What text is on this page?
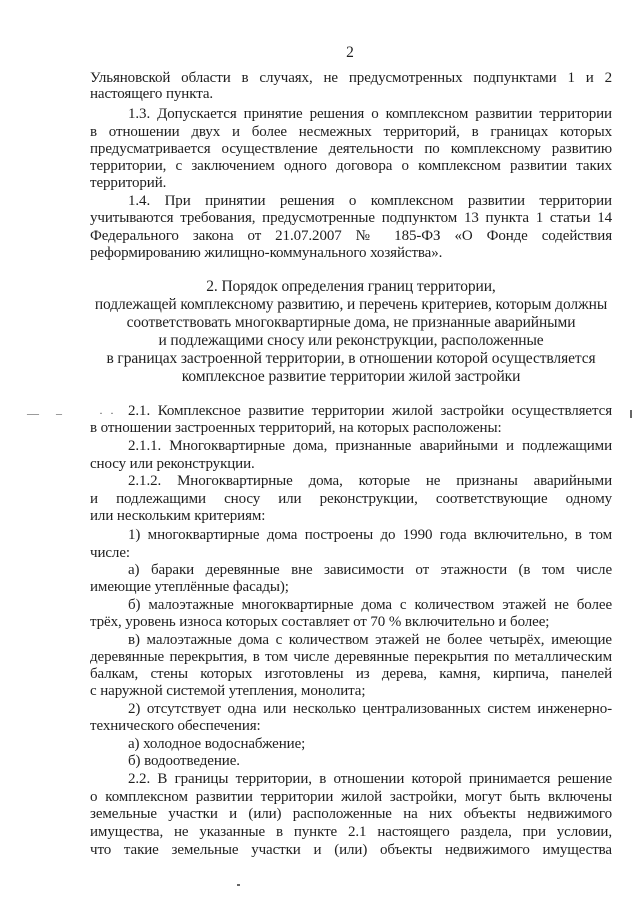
2

Ульяновской области в случаях, не предусмотренных подпунктами 1 и 2

настоящего пункта.

1.3. Допускается принятие решения о комплексном развитии территории

в отношении двух и более несмежных территорий, в границах которых

предусматривается осуществление деятельности по комплексному развитию

территории, с заключением одного договора о комплексном развитии таких

территорий.

1.4. При принятии решения о комплексном развитии территории

учитываются требования, предусмотренные подпунктом 13 пункта 1 статьи 14

Федерального закона от 21.07.2007 № 185-ФЗ «О Фонде содействия

реформированию жилищно-коммунального хозяйства».

2. Порядок определения границ территории,

подлежащей комплексному развитию, и перечень критериев, которым должны

соответствовать многоквартирные дома, не признанные аварийными

и подлежащими сносу или реконструкции, расположенные

в границах застроенной территории, в отношении которой осуществляется

комплексное развитие территории жилой застройки

—   –       · · 2.1. Комплексное развитие территории жилой застройки осуществляется

в отношении застроенных территорий, на которых расположены:

2.1.1. Многоквартирные дома, признанные аварийными и подлежащими

сносу или реконструкции.

2.1.2. Многоквартирные дома, которые не признаны аварийными

и подлежащими сносу или реконструкции, соответствующие одному

или нескольким критериям:

1) многоквартирные дома построены до 1990 года включительно, в том

числе:

а) бараки деревянные вне зависимости от этажности (в том числе

имеющие утеплённые фасады);

б) малоэтажные многоквартирные дома с количеством этажей не более

трёх, уровень износа которых составляет от 70 % включительно и более;

в) малоэтажные дома с количеством этажей не более четырёх, имеющие

деревянные перекрытия, в том числе деревянные перекрытия по металлическим

балкам, стены которых изготовлены из дерева, камня, кирпича, панелей

с наружной системой утепления, монолита;

2) отсутствует одна или несколько централизованных систем инженерно-

технического обеспечения:

а) холодное водоснабжение;

б) водоотведение.

2.2. В границы территории, в отношении которой принимается решение

о комплексном развитии территории жилой застройки, могут быть включены

земельные участки и (или) расположенные на них объекты недвижимого

имущества, не указанные в пункте 2.1 настоящего раздела, при условии,

что такие земельные участки и (или) объекты недвижимого имущества
